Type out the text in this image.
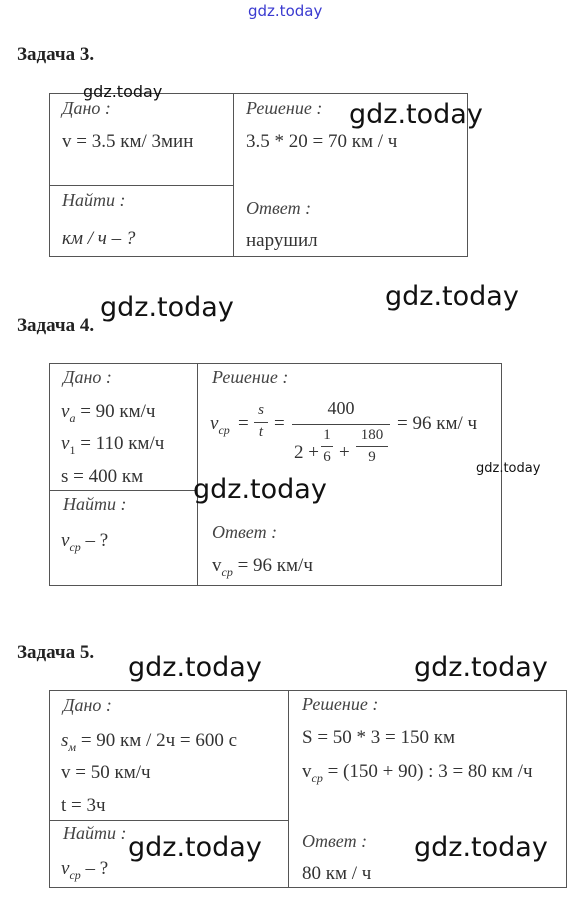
gdz.today
Задача 3.
Дано :
v = 3.5 км/ 3мин
Найти :
км / ч – ?
Решение :
3.5 * 20 = 70 км / ч
Ответ :
нарушил
gdz.today
gdz.today
Задача 4.
Дано :
$v_а = 90$ км/ч
$v_1 = 110$ км/ч
s = 400 км
Найти :
$v_{ср}$ – ?
Решение :
$v_{ср}$ =
s
t =
400
2 +
1
6 +
180
9
= 96 км/ ч
Ответ :
$v_{ср} = 96$ км/ч
gdz.today	gdz.today
gdz.today
gdz.today
Задача 5.
Дано :
$s_м = 90$ км / 2ч = 600 с
v = 50 км/ч
t = 3ч
Найти :
$v_{ср}$ – ?
Решение :
S = 50 * 3 = 150 км
$v_{ср} = (150 + 90)$ : 3 = 80 км /ч
Ответ :
80 км / ч
gdz.today	gdz.today
gdz.today	gdz.today
